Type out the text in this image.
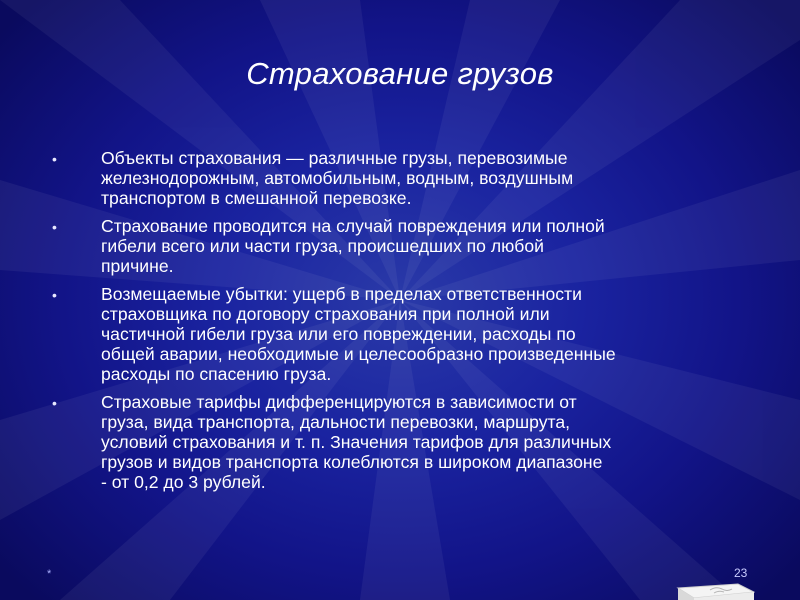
Страхование грузов
•	Объекты страхования — различные грузы, перевозимые
железнодорожным, автомобильным, водным, воздушным
транспортом в смешанной перевозке.
•	Страхование проводится на случай повреждения или полной
гибели всего или части груза, происшедших по любой
причине.
•	Возмещаемые убытки: ущерб в пределах ответственности
страховщика по договору страхования при полной или
частичной гибели груза или его повреждении, расходы по
общей аварии, необходимые и целесообразно произведенные
расходы по спасению груза.
•	Страховые тарифы дифференцируются в зависимости от
груза, вида транспорта, дальности перевозки, маршрута,
условий страхования и т. п. Значения тарифов для различных
грузов и видов транспорта колеблются в широком диапазоне
- от 0,2 до 3 рублей.
*	23
